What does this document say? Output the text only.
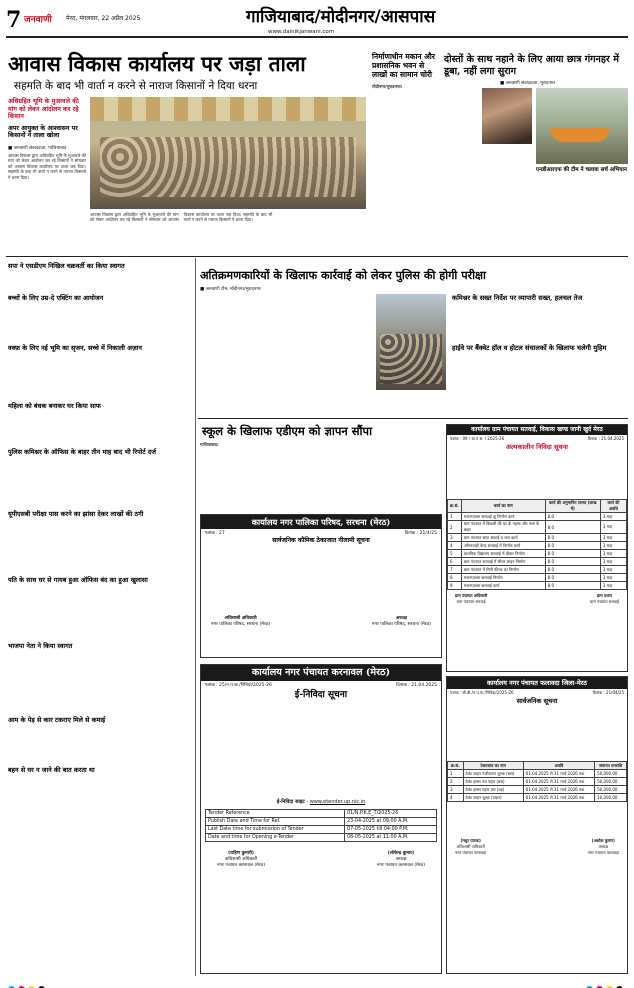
7 जनवाणी मेरठ, मंगलवार, 22 अप्रैल 2025	गाजियाबाद/मोदीनगर/आसपास
www.dainikjanwani.com
आवास विकास कार्यालय पर जड़ा ताला
सहमति के बाद भी वार्ता न करने से नाराज किसानों ने दिया धरना
अधिग्रहित भूमि के मुआवजे की मांग को लेकर आंदोलन कर रहे किसान
अपर आयुक्त के आश्वासन पर किसानों ने ताला खोला
■ जनवाणी संवाददाता, गाजियाबाद
आवास विकास द्वारा अधिग्रहित भूमि के मुआवजे की मांग को लेकर आंदोलन कर रहे किसानों ने सोमवार को आवास विकास कार्यालय पर ताला जड़ दिया। सहमति के बाद भी वार्ता न करने से नाराज किसानों ने धरना दिया।
आवास विकास द्वारा अधिग्रहित भूमि के मुआवजे की मांग को लेकर आंदोलन कर रहे किसानों ने सोमवार को आवास विकास कार्यालय पर ताला जड़ दिया। सहमति के बाद भी वार्ता न करने से नाराज किसानों ने धरना दिया।
निर्माणाधीन मकान और प्रशासनिक भवन से लाखों का सामान चोरी
मोदीनगर/मुरादनगर।
दोस्तों के साथ नहाने के लिए आया छात्र गंगनहर में डूबा, नहीं लगा सुराग
■ जनवाणी संवाददाता, मुरादनगर
एनडीआरएफ की टीम ने चलाया सर्च अभियान
सपा ने एसडीएम निखिल चक्रवर्ती का किया स्वागत
बच्चों के लिए उम्र-दे एक्टिंग का आयोजन
वक्फ़ के लिए नई भूमि का सृजन, सच्चे में निकाली अज़ान
महिला को बंधक बनाकर घर किया साफ
पुलिस कमिश्नर के ऑफिस के बाहर तीन माह बाद भी रिपोर्ट दर्ज
यूपीएसबी परीक्षा पास करने का झांसा देकर लाखों की ठगी
पति के साथ घर से गायब हुआ ऑफिस बंद का हुआ खुलासा
भाजपा नेता ने किया स्वागत
आम के पेड़ से कार टकराए मिले से कमाई
बहन से घर न जाने की बात करता था
अतिक्रमणकारियों के खिलाफ कार्रवाई को लेकर पुलिस की होगी परीक्षा
■ जनवाणी टीम, मोदीनगर/मुरादनगर
कमिश्नर के सख्त निर्देश पर व्यापारी सख्त, हलचल तेज
हाईवे पर बैंक्वेट हॉल व होटल संचालकों के खिलाफ चलेगी मुहिम
स्कूल के खिलाफ एडीएम को ज्ञापन सौंपा
गाजियाबाद।
कार्यालय नगर पालिका परिषद, सरधना (मेरठ)
पत्रांक : 27	दिनांक : 21/4/25
सार्वजनिक कौमिक ठेकाजात नीलामी सूचना
अधिशासी अधिकारी
नगर पालिका परिषद, सरधना (मेरठ)
अध्यक्ष
नगर पालिका परिषद, सरधना (मेरठ)
कार्यालय ग्राम पंचायत सतवाई, विकास खण्ड जानी खुर्द मेरठ
पत्रांक : 09 / ग्रा.पं.स. / 2025-26	दिनांक : 21.04.2025
अल्पकालीन निविदा सूचना
क्र.सं.	कार्य का नाम	कार्य की अनुमानित लागत (लाख में)	कार्य की अवधि
1	मजनपाल्ला सतवाई क्षू निर्माण कार्य	8.0	3 माह
2	ग्राम पंचायत में बिजली की घर के गहला और पास के बाहर	8.0	3 माह
3	ग्राम पंचायत साफ़ सफ़ाई व जल कार्य	8.0	3 माह
4	आँगनवाड़ी केन्द्र सतवाई में निर्माण कार्य	8.0	3 माह
5	प्राथमिक विद्यालय सतवाई में दीवार निर्माण	8.0	3 माह
6	ग्राम पंचायत सतवाई में सीवर लाइन निर्माण	8.0	3 माह
7	ग्राम पंचायत में मिनी फ़ील्ड का निर्माण	8.0	3 माह
8	मजनपाल्ला सतवाई निर्माण	8.0	3 माह
9	मजनपाल्ला सतवाई कार्य	8.0	3 माह
ग्राम पंचायत अधिकारी
ग्राम पंचायत सतवाई
ग्राम प्रधान
ग्राम पंचायत सतवाई
कार्यालय नगर पंचायत करनावल (मेरठ)
पत्रांक : 25/न.प.क./निविदा/2025-26	दिनांक : 21.04.2025
ई-निविदा सूचना
ई-निविदा साइट - www.etender.up.nic.in
Tender Reference	01/N.P.K.E_T/2025-26
Publish Date and Time for Ref.	23-04-2025 at 09:00 A.M.
Last Date time for submission of Tender	07-05-2025 till 04:00 P.M.
Date and time for Opening e-Tender	08-05-2025 at 11:00 A.M.
(राहिण कुमारी)
अधिशासी अधिकारी
नगर पंचायत करनावल (मेरठ)
(लोकेन्द्र कुमार)
अध्यक्ष
नगर पंचायत करनावल (मेरठ)
कार्यालय नगर पंचायत फलावदा जिला-मेरठ
पत्रांक : बी.बी./न.प.फ./निविदा/2025-26	दिनांक : 21/04/25
सार्वजनिक सूचना
क्र.सं.	ठेकाजात का नाम	अवधि	जमानत धनराशि
1	ठेका वाहन पंजीकरण शुल्क (बस)	01.04.2025 से 31 मार्च 2026 तक	50,000.00
2	ठेका हलस पंच पहल (बस)	01.04.2025 से 31 मार्च 2026 तक	50,000.00
3	ठेका हलस पहल चार (वह)	01.04.2025 से 31 मार्च 2026 तक	50,000.00
4	ठेका वाहन शुल्क (वाहन)	01.04.2025 से 31 मार्च 2026 तक	10,000.00
(मधुर पाठक)
अधिशासी अधिकारी
नगर पंचायत फलावदा
(अशोक कुमार)
अध्यक्ष
नगर पंचायत फलावदा
